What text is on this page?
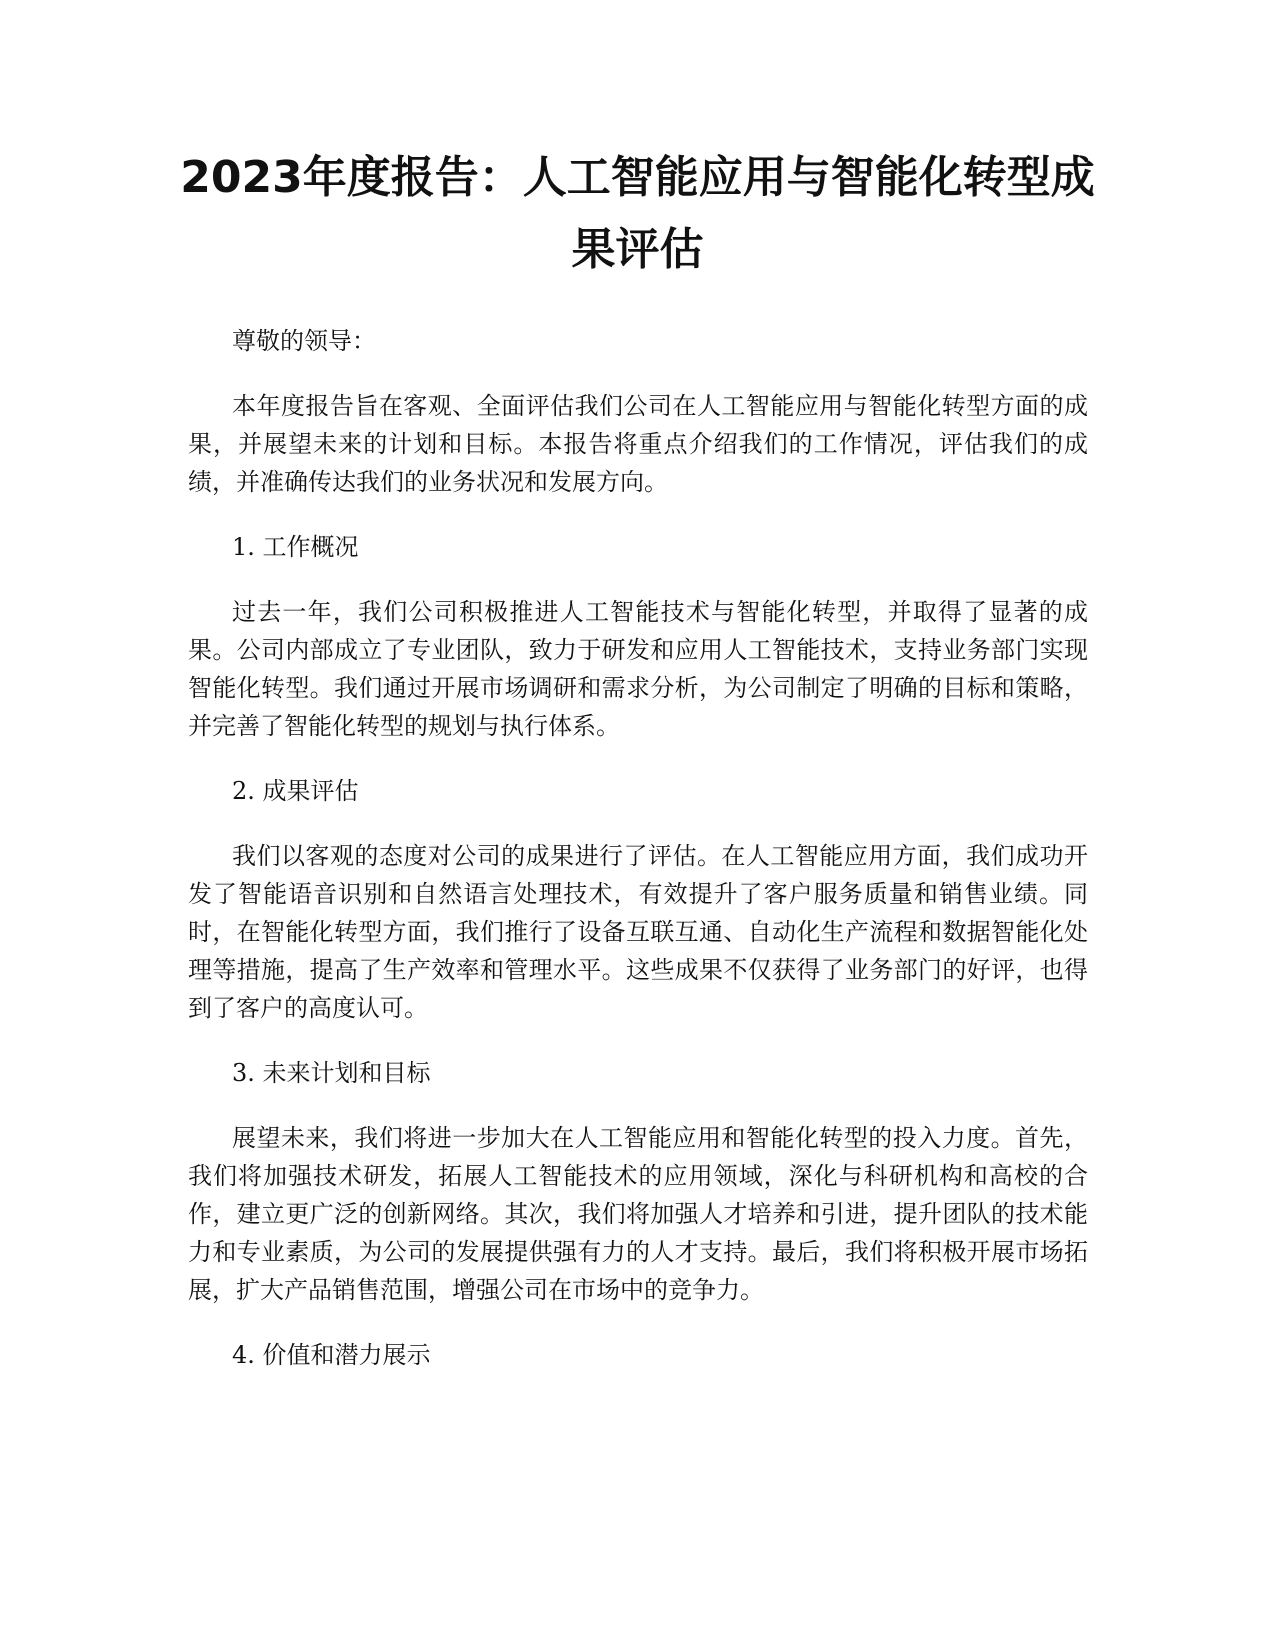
2023年度报告：人工智能应用与智能化转型成果评估

尊敬的领导：

本年度报告旨在客观、全面评估我们公司在人工智能应用与智能化转型方面的成果，并展望未来的计划和目标。本报告将重点介绍我们的工作情况，评估我们的成绩，并准确传达我们的业务状况和发展方向。

1. 工作概况

过去一年，我们公司积极推进人工智能技术与智能化转型，并取得了显著的成果。公司内部成立了专业团队，致力于研发和应用人工智能技术，支持业务部门实现智能化转型。我们通过开展市场调研和需求分析，为公司制定了明确的目标和策略，并完善了智能化转型的规划与执行体系。

2. 成果评估

我们以客观的态度对公司的成果进行了评估。在人工智能应用方面，我们成功开发了智能语音识别和自然语言处理技术，有效提升了客户服务质量和销售业绩。同时，在智能化转型方面，我们推行了设备互联互通、自动化生产流程和数据智能化处理等措施，提高了生产效率和管理水平。这些成果不仅获得了业务部门的好评，也得到了客户的高度认可。

3. 未来计划和目标

展望未来，我们将进一步加大在人工智能应用和智能化转型的投入力度。首先，我们将加强技术研发，拓展人工智能技术的应用领域，深化与科研机构和高校的合作，建立更广泛的创新网络。其次，我们将加强人才培养和引进，提升团队的技术能力和专业素质，为公司的发展提供强有力的人才支持。最后，我们将积极开展市场拓展，扩大产品销售范围，增强公司在市场中的竞争力。

4. 价值和潜力展示
